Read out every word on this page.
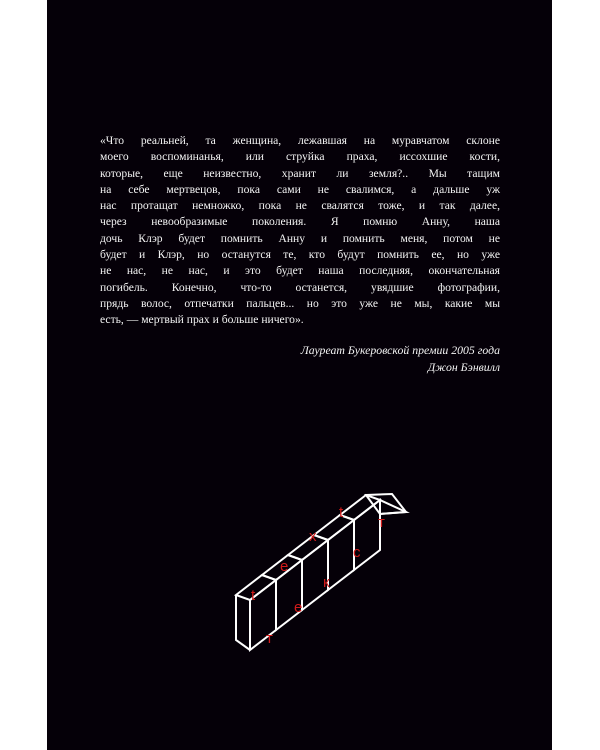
«Что реальней, та женщина, лежавшая на муравчатом склоне
моего воспоминанья, или струйка праха, иссохшие кости,
которые, еще неизвестно, хранит ли земля?.. Мы тащим
на себе мертвецов, пока сами не свалимся, а дальше уж
нас протащат немножко, пока не свалятся тоже, и так далее,
через невообразимые поколения. Я помню Анну, наша
дочь Клэр будет помнить Анну и помнить меня, потом не
будет и Клэр, но останутся те, кто будут помнить ее, но уже
не нас, не нас, и это будет наша последняя, окончательная
погибель. Конечно, что-то останется, увядшие фотографии,
прядь волос, отпечатки пальцев... но это уже не мы, какие мы
есть, — мертвый прах и больше ничего».
Лауреат Букеровской премии 2005 года
Джон Бэнвилл
t
т
e
e
x
к
t
c
т
